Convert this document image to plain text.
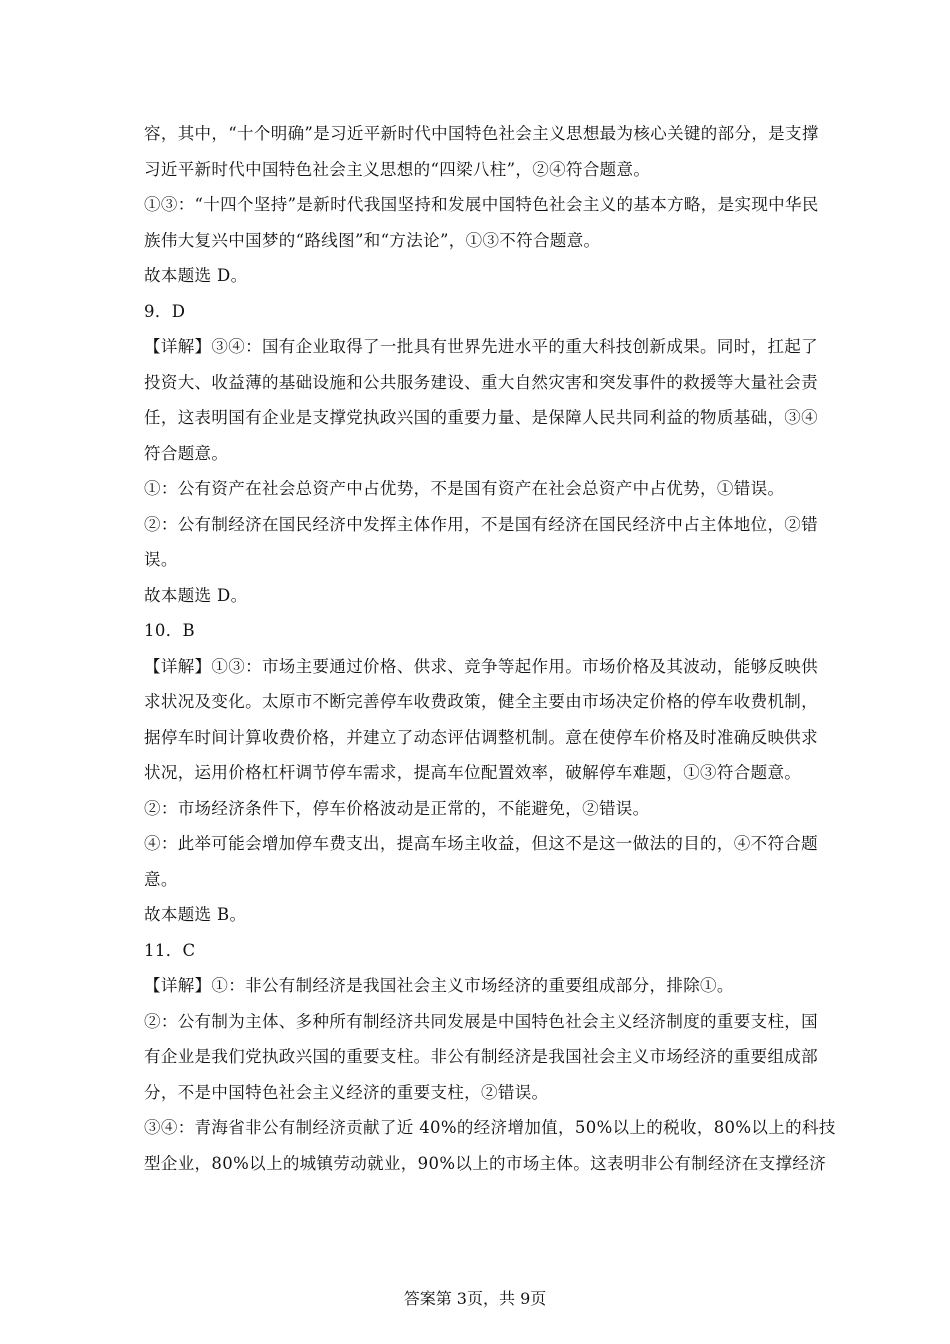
容，其中，“十个明确”是习近平新时代中国特色社会主义思想最为核心关键的部分，是支撑
习近平新时代中国特色社会主义思想的“四梁八柱”，②④符合题意。
①③：“十四个坚持”是新时代我国坚持和发展中国特色社会主义的基本方略，是实现中华民
族伟大复兴中国梦的“路线图”和“方法论”，①③不符合题意。
故本题选 D。
9．D
【详解】③④：国有企业取得了一批具有世界先进水平的重大科技创新成果。同时，扛起了
投资大、收益薄的基础设施和公共服务建设、重大自然灾害和突发事件的救援等大量社会责
任，这表明国有企业是支撑党执政兴国的重要力量、是保障人民共同利益的物质基础，③④
符合题意。
①：公有资产在社会总资产中占优势，不是国有资产在社会总资产中占优势，①错误。
②：公有制经济在国民经济中发挥主体作用，不是国有经济在国民经济中占主体地位，②错
误。
故本题选 D。
10．B
【详解】①③：市场主要通过价格、供求、竞争等起作用。市场价格及其波动，能够反映供
求状况及变化。太原市不断完善停车收费政策，健全主要由市场决定价格的停车收费机制，
据停车时间计算收费价格，并建立了动态评估调整机制。意在使停车价格及时准确反映供求
状况，运用价格杠杆调节停车需求，提高车位配置效率，破解停车难题，①③符合题意。
②：市场经济条件下，停车价格波动是正常的，不能避免，②错误。
④：此举可能会增加停车费支出，提高车场主收益，但这不是这一做法的目的，④不符合题
意。
故本题选 B。
11．C
【详解】①：非公有制经济是我国社会主义市场经济的重要组成部分，排除①。
②：公有制为主体、多种所有制经济共同发展是中国特色社会主义经济制度的重要支柱，国
有企业是我们党执政兴国的重要支柱。非公有制经济是我国社会主义市场经济的重要组成部
分，不是中国特色社会主义经济的重要支柱，②错误。
③④：青海省非公有制经济贡献了近 40%的经济增加值，50%以上的税收，80%以上的科技
型企业，80%以上的城镇劳动就业，90%以上的市场主体。这表明非公有制经济在支撑经济
答案第 3页，共 9页
